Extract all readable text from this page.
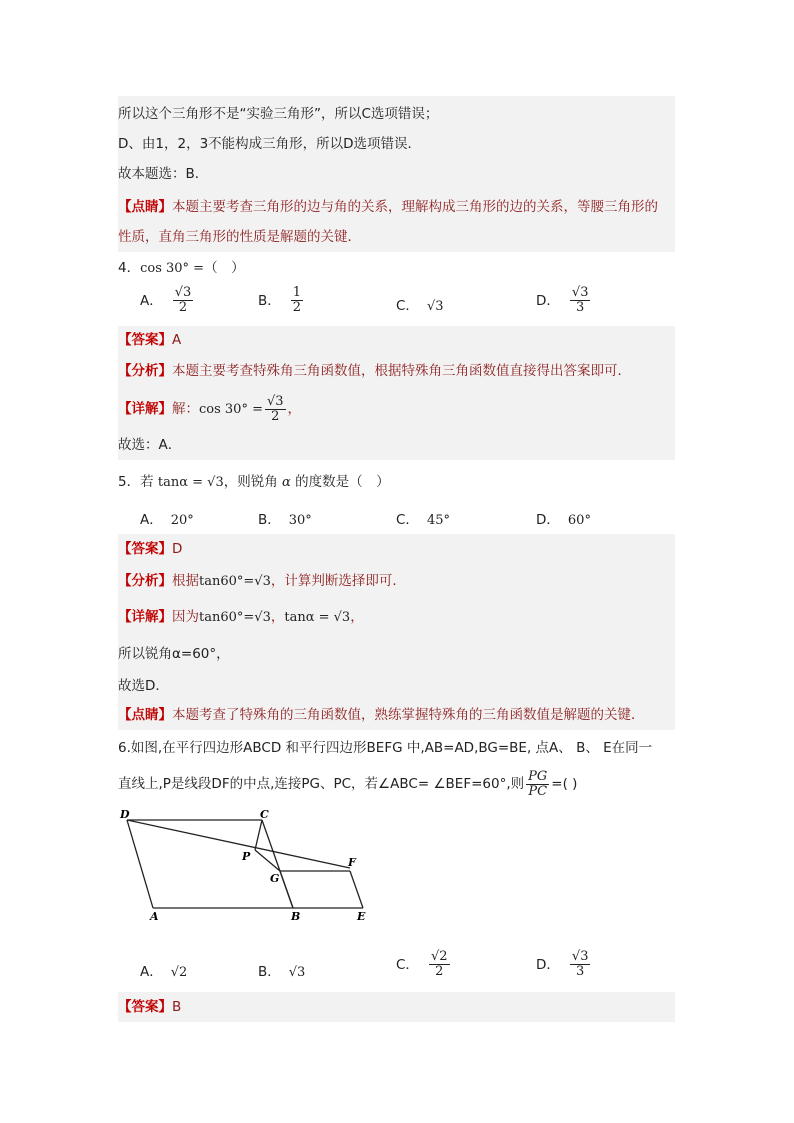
所以这个三角形不是“实验三角形”，所以C选项错误；
D、由1，2，3不能构成三角形，所以D选项错误．
故本题选：B．
【点睛】本题主要考查三角形的边与角的关系，理解构成三角形的边的关系，等腰三角形的
性质，直角三角形的性质是解题的关键．
4．cos 30° =（　）
A． $\frac{√3}{2}$	B． $\frac{1}{2}$	C． √3	D． $\frac{√3}{3}$
【答案】A
【分析】本题主要考查特殊角三角函数值，根据特殊角三角函数值直接得出答案即可．
【详解】解：$\cos 30^\circ = \frac{√3}{2}$ ，
故选：A．
5．若 tanα = √3，则锐角 α 的度数是（　）
A． 20°	B． 30°	C． 45°	D． 60°
【答案】D
【分析】根据tan60°=√3，计算判断选择即可．
【详解】因为tan60°=√3，tanα = √3，
所以锐角α=60°，
故选D．
【点睛】本题考查了特殊角的三角函数值，熟练掌握特殊角的三角函数值是解题的关键．
6.如图,在平行四边形ABCD 和平行四边形BEFG 中,AB=AD,BG=BE, 点A、 B、 E在同一
直线上,P是线段DF的中点,连接PG、PC，若∠ABC= ∠BEF=60°,则 $\frac{PG}{PC}$ =( )
D	C
P
G
F
A	B	E
A． √2	B． √3	C． $\frac{√2}{2}$	D． $\frac{√3}{3}$
【答案】B
